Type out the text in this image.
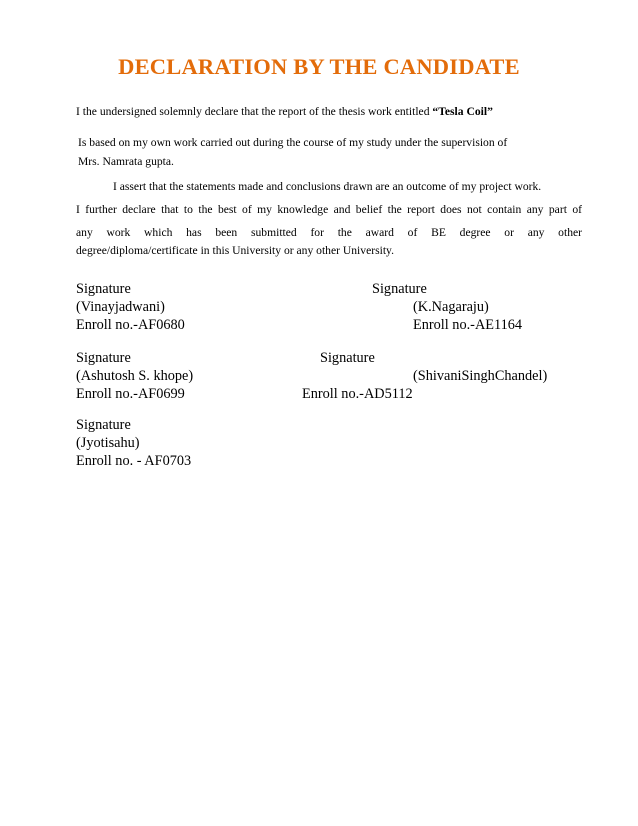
DECLARATION BY THE CANDIDATE
I the undersigned solemnly declare that the report of the thesis work entitled “Tesla Coil”
Is based on my own work carried out during the course of my study under the supervision of
Mrs. Namrata gupta.
I assert that the statements made and conclusions drawn are an outcome of my project work.
I further declare that to the best of my knowledge and belief the report does not contain any part of
any work which has been submitted for the award of BE degree or any other
degree/diploma/certificate in this University or any other University.
Signature
(Vinayjadwani)
Enroll no.-AF0680
Signature
(K.Nagaraju)
Enroll no.-AE1164
Signature
(Ashutosh S. khope)
Enroll no.-AF0699
Signature
(ShivaniSinghChandel)
Enroll no.-AD5112
Signature
(Jyotisahu)
Enroll no. - AF0703
